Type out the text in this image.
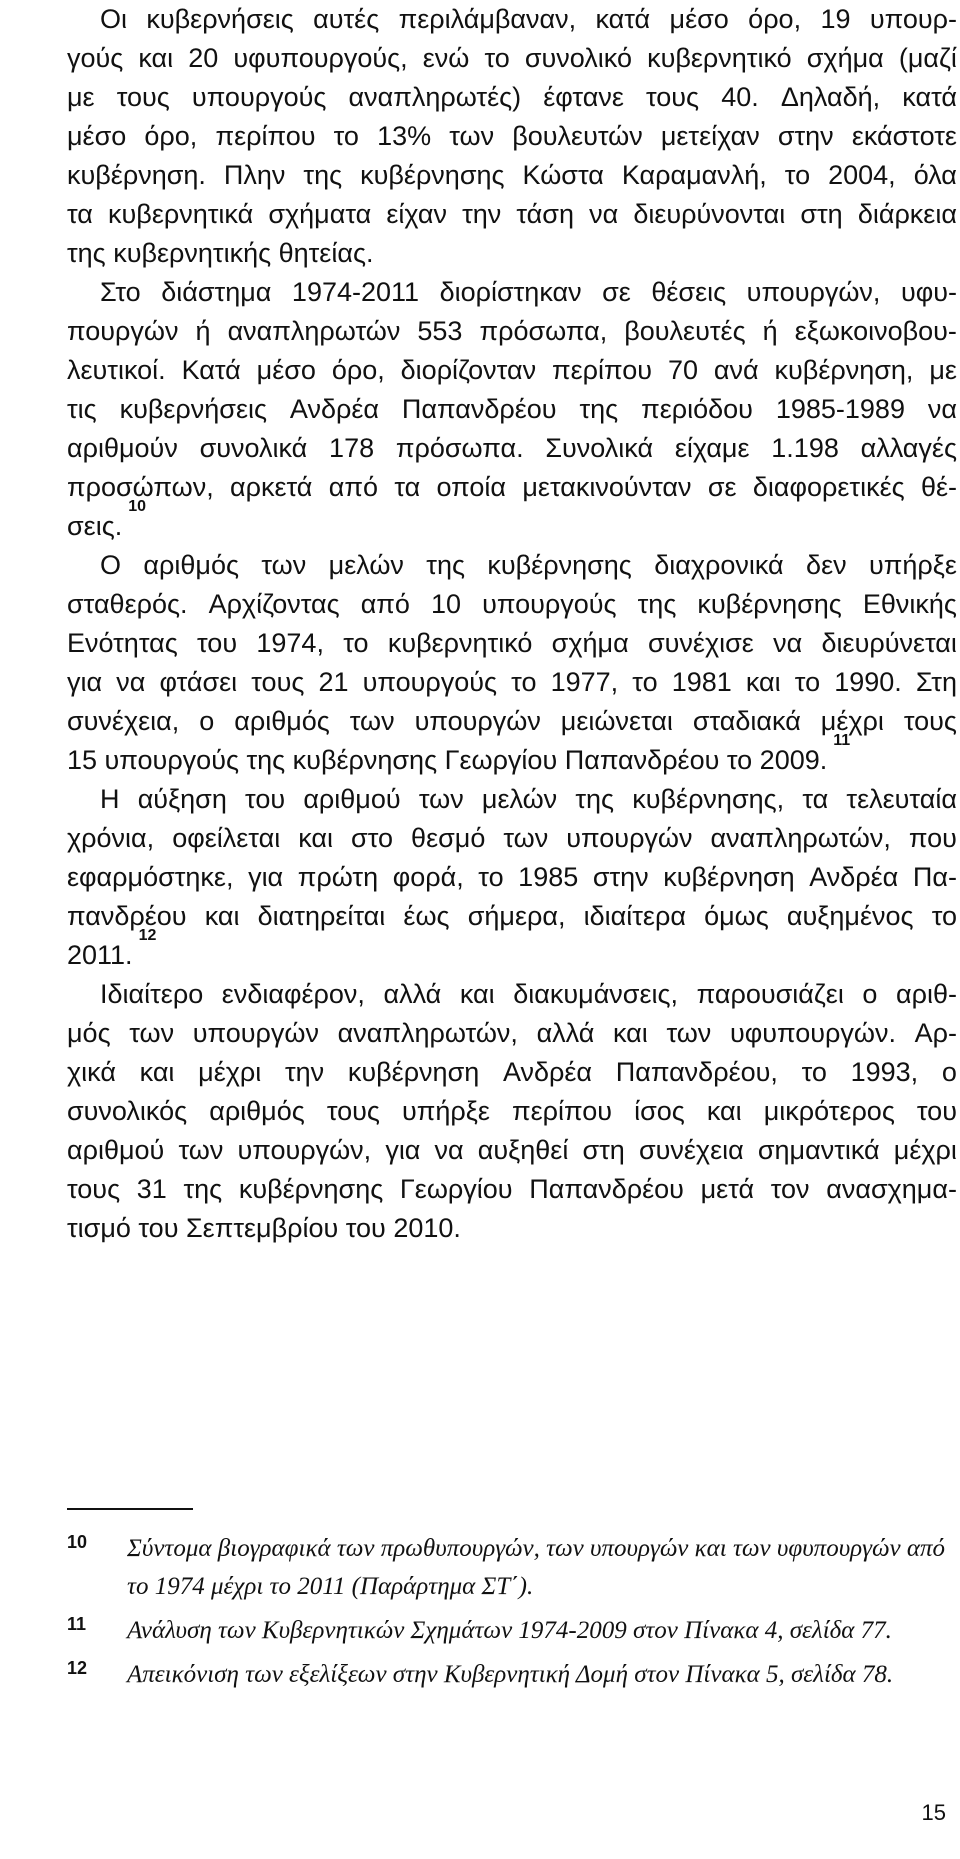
Οι κυβερνήσεις αυτές περιλάμβαναν, κατά μέσο όρο, 19 υπουρ-
γούς και 20 υφυπουργούς, ενώ το συνολικό κυβερνητικό σχήμα (μαζί
με τους υπουργούς αναπληρωτές) έφτανε τους 40. Δηλαδή, κατά
μέσο όρο, περίπου το 13% των βουλευτών μετείχαν στην εκάστοτε
κυβέρνηση. Πλην της κυβέρνησης Κώστα Καραμανλή, το 2004, όλα
τα κυβερνητικά σχήματα είχαν την τάση να διευρύνονται στη διάρκεια
της κυβερνητικής θητείας.
Στο διάστημα 1974-2011 διορίστηκαν σε θέσεις υπουργών, υφυ-
πουργών ή αναπληρωτών 553 πρόσωπα, βουλευτές ή εξωκοινοβου-
λευτικοί. Κατά μέσο όρο, διορίζονταν περίπου 70 ανά κυβέρνηση, με
τις κυβερνήσεις Ανδρέα Παπανδρέου της περιόδου 1985-1989 να
αριθμούν συνολικά 178 πρόσωπα. Συνολικά είχαμε 1.198 αλλαγές
προσώπων, αρκετά από τα οποία μετακινούνταν σε διαφορετικές θέ-
σεις.
10
Ο αριθμός των μελών της κυβέρνησης διαχρονικά δεν υπήρξε
σταθερός. Αρχίζοντας από 10 υπουργούς της κυβέρνησης Εθνικής
Ενότητας του 1974, το κυβερνητικό σχήμα συνέχισε να διευρύνεται
για να φτάσει τους 21 υπουργούς το 1977, το 1981 και το 1990. Στη
συνέχεια, ο αριθμός των υπουργών μειώνεται σταδιακά μέχρι τους
15 υπουργούς της κυβέρνησης Γεωργίου Παπανδρέου το 2009.
11
Η αύξηση του αριθμού των μελών της κυβέρνησης, τα τελευταία
χρόνια, οφείλεται και στο θεσμό των υπουργών αναπληρωτών, που
εφαρμόστηκε, για πρώτη φορά, το 1985 στην κυβέρνηση Ανδρέα Πα-
πανδρέου και διατηρείται έως σήμερα, ιδιαίτερα όμως αυξημένος το
2011.
12
Ιδιαίτερο ενδιαφέρον, αλλά και διακυμάνσεις, παρουσιάζει ο αριθ-
μός των υπουργών αναπληρωτών, αλλά και των υφυπουργών. Αρ-
χικά και μέχρι την κυβέρνηση Ανδρέα Παπανδρέου, το 1993, ο
συνολικός αριθμός τους υπήρξε περίπου ίσος και μικρότερος του
αριθμού των υπουργών, για να αυξηθεί στη συνέχεια σημαντικά μέχρι
τους 31 της κυβέρνησης Γεωργίου Παπανδρέου μετά τον ανασχημα-
τισμό του Σεπτεμβρίου του 2010.
10 Σύντομα βιογραφικά των πρωθυπουργών, των υπουργών και των υφυπουργών από το 1974 μέχρι το 2011 (Παράρτημα ΣΤ΄).
11 Ανάλυση των Κυβερνητικών Σχημάτων 1974-2009 στον Πίνακα 4, σελίδα 77.
12 Απεικόνιση των εξελίξεων στην Κυβερνητική Δομή στον Πίνακα 5, σελίδα 78.
15
